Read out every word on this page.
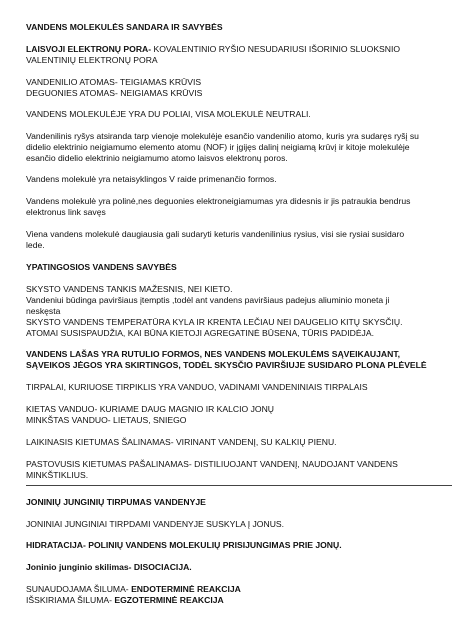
VANDENS MOLEKULĖS SANDARA IR SAVYBĖS
LAISVOJI ELEKTRONŲ PORA- KOVALENTINIO RYŠIO NESUDARIUSI IŠORINIO SLUOKSNIO
VALENTINIŲ ELEKTRONŲ PORA
VANDENILIO ATOMAS- TEIGIAMAS KRŪVIS
DEGUONIES ATOMAS- NEIGIAMAS KRŪVIS
VANDENS MOLEKULĖJE YRA DU POLIAI, VISA MOLEKULĖ NEUTRALI.
Vandenilinis ryšys atsiranda tarp vienoje molekulėje esančio vandenilio atomo, kuris yra sudaręs ryšį su
didelio elektrinio neigiamumo elemento atomu (NOF) ir įgijęs dalinį neigiamą krūvį ir kitoje molekulėje
esančio didelio elektrinio neigiamumo atomo laisvos elektronų poros.
Vandens molekulė yra netaisyklingos V raide primenančio formos.
Vandens molekulė yra polinė,nes deguonies elektroneigiamumas yra didesnis ir jis patraukia bendrus
elektronus link savęs
Viena vandens molekulė daugiausia gali sudaryti keturis vandenilinius rysius, visi sie rysiai susidaro
lede.
YPATINGOSIOS VANDENS SAVYBĖS
SKYSTO VANDENS TANKIS MAŽESNIS, NEI KIETO.
Vandeniui būdinga paviršiaus įtemptis ,todėl ant vandens paviršiaus padejus aliuminio moneta ji
neskęsta
SKYSTO VANDENS TEMPERATŪRA KYLA IR KRENTA LEČIAU NEI DAUGELIO KITŲ SKYSČIŲ.
ATOMAI SUSISPAUDŽIA, KAI BŪNA KIETOJI AGREGATINĖ BŪSENA, TŪRIS PADIDĖJA.
VANDENS LAŠAS YRA RUTULIO FORMOS, NES VANDENS MOLEKULĖMS SĄVEIKAUJANT,
SĄVEIKOS JĖGOS YRA SKIRTINGOS, TODĖL SKYSČIO PAVIRŠIUJE SUSIDARO PLONA PLĖVELĖ
TIRPALAI, KURIUOSE TIRPIKLIS YRA VANDUO, VADINAMI VANDENINIAIS TIRPALAIS
KIETAS VANDUO- KURIAME DAUG MAGNIO IR KALCIO JONŲ
MINKŠTAS VANDUO- LIETAUS, SNIEGO
LAIKINASIS KIETUMAS ŠALINAMAS- VIRINANT VANDENĮ, SU KALKIŲ PIENU.
PASTOVUSIS KIETUMAS PAŠALINAMAS- DISTILIUOJANT VANDENĮ, NAUDOJANT VANDENS
MINKŠTIKLIUS.
JONINIŲ JUNGINIŲ TIRPUMAS VANDENYJE
JONINIAI JUNGINIAI TIRPDAMI VANDENYJE SUSKYLA Į JONUS.
HIDRATACIJA- POLINIŲ VANDENS MOLEKULIŲ PRISIJUNGIMAS PRIE JONŲ.
Joninio junginio skilimas- DISOCIACIJA.
SUNAUDOJAMA ŠILUMA- ENDOTERMINĖ REAKCIJA
IŠSKIRIAMA ŠILUMA- EGZOTERMINĖ REAKCIJA
